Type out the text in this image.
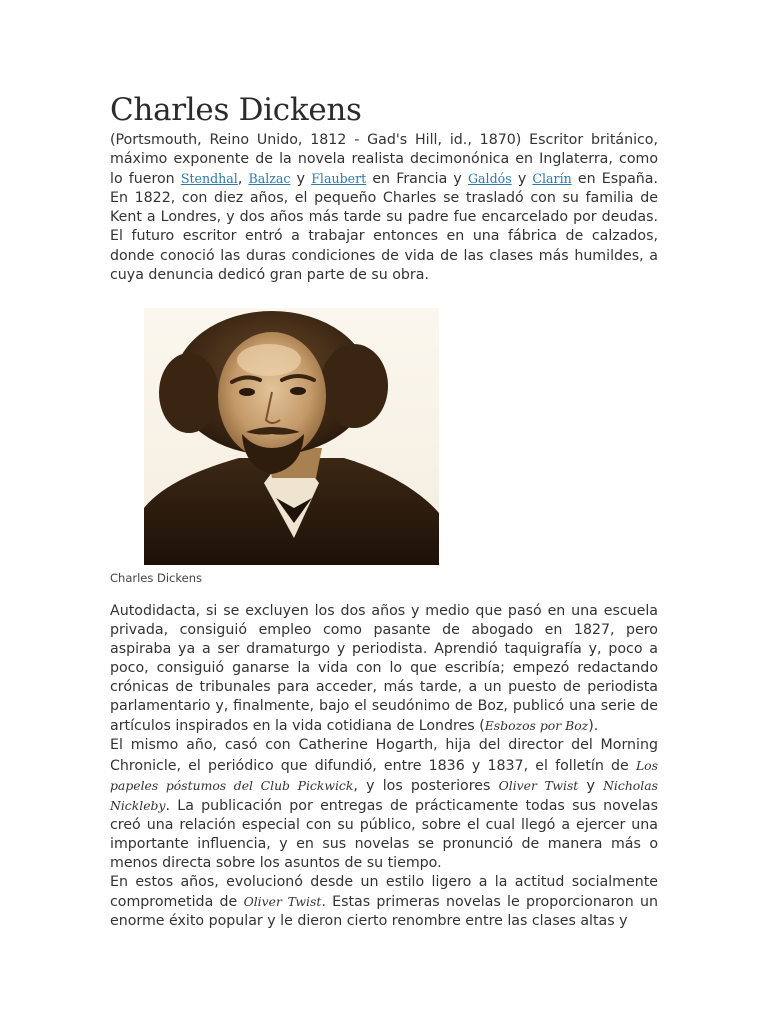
Charles Dickens

(Portsmouth, Reino Unido, 1812 - Gad's Hill, id., 1870) Escritor británico, máximo exponente de la novela realista decimonónica en Inglaterra, como lo fueron Stendhal, Balzac y Flaubert en Francia y Galdós y Clarín en España. En 1822, con diez años, el pequeño Charles se trasladó con su familia de Kent a Londres, y dos años más tarde su padre fue encarcelado por deudas. El futuro escritor entró a trabajar entonces en una fábrica de calzados, donde conoció las duras condiciones de vida de las clases más humildes, a cuya denuncia dedicó gran parte de su obra.

Charles Dickens

Autodidacta, si se excluyen los dos años y medio que pasó en una escuela privada, consiguió empleo como pasante de abogado en 1827, pero aspiraba ya a ser dramaturgo y periodista. Aprendió taquigrafía y, poco a poco, consiguió ganarse la vida con lo que escribía; empezó redactando crónicas de tribunales para acceder, más tarde, a un puesto de periodista parlamentario y, finalmente, bajo el seudónimo de Boz, publicó una serie de artículos inspirados en la vida cotidiana de Londres (Esbozos por Boz).

El mismo año, casó con Catherine Hogarth, hija del director del Morning Chronicle, el periódico que difundió, entre 1836 y 1837, el folletín de Los papeles póstumos del Club Pickwick, y los posteriores Oliver Twist y Nicholas Nickleby. La publicación por entregas de prácticamente todas sus novelas creó una relación especial con su público, sobre el cual llegó a ejercer una importante influencia, y en sus novelas se pronunció de manera más o menos directa sobre los asuntos de su tiempo.

En estos años, evolucionó desde un estilo ligero a la actitud socialmente comprometida de Oliver Twist. Estas primeras novelas le proporcionaron un enorme éxito popular y le dieron cierto renombre entre las clases altas y
